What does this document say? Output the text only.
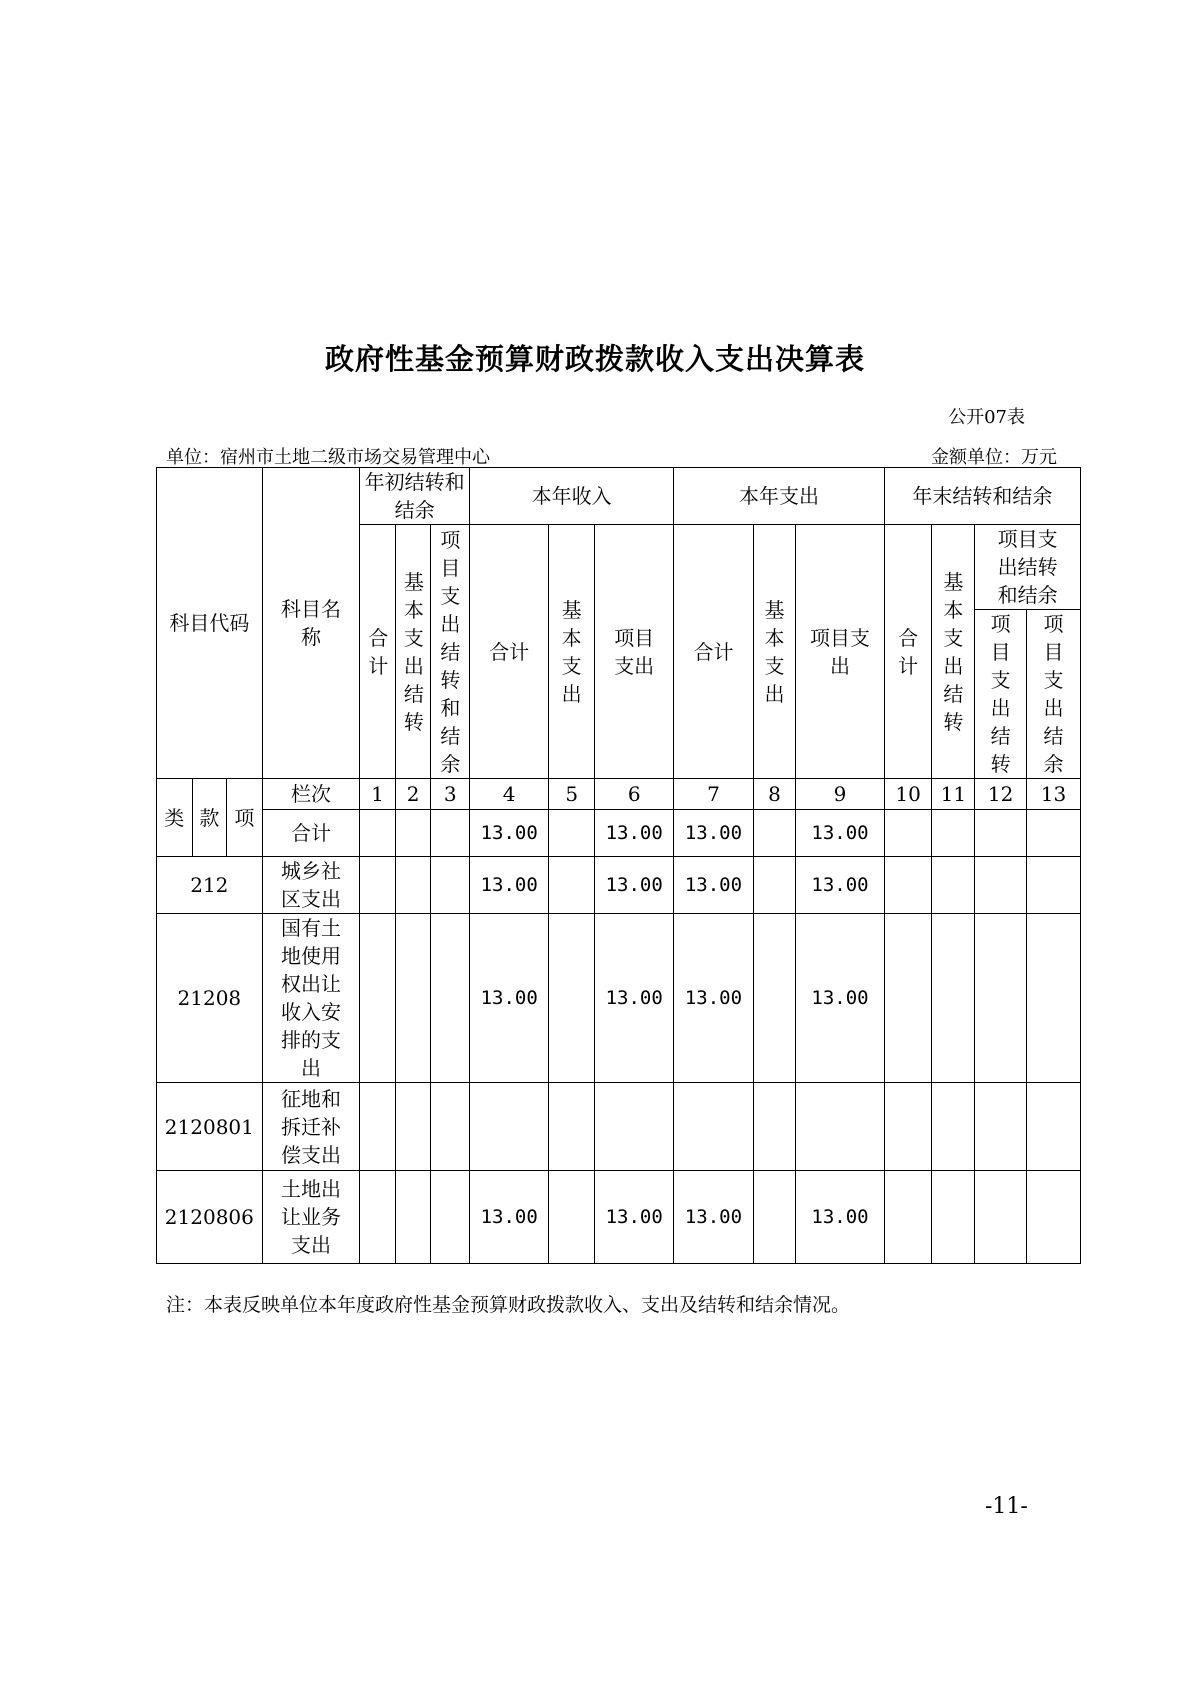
政府性基金预算财政拨款收入支出决算表
公开07表
单位：宿州市土地二级市场交易管理中心	金额单位：万元
科目代码			科目名称	年初结转和结余			本年收入			本年支出			年末结转和结余			
				合计	基本支出结转	项目支出结转和结余	合计	基本支出	项目支出	合计	基本支出	项目支出	合计	基本支出结转	项目支出结转和结余	
															项目支出结转	项目支出结余
类	款	项	栏次	1	2	3	4	5	6	7	8	9	10	11	12	13
			合计				13.00		13.00	13.00		13.00				
212			城乡社区支出				13.00		13.00	13.00		13.00				
21208			国有土地使用权出让收入安排的支出				13.00		13.00	13.00		13.00				
2120801			征地和拆迁补偿支出													
2120806			土地出让业务支出				13.00		13.00	13.00		13.00				
注：本表反映单位本年度政府性基金预算财政拨款收入、支出及结转和结余情况。
-11-
